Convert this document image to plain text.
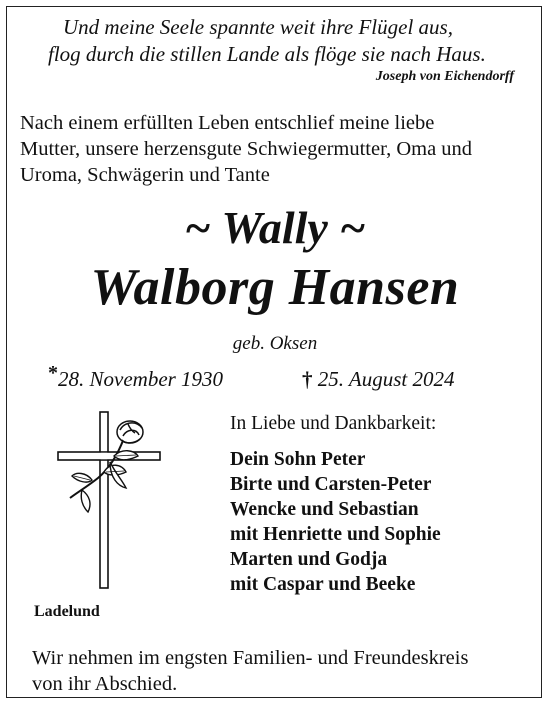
Und meine Seele spannte weit ihre Flügel aus,
flog durch die stillen Lande als flöge sie nach Haus.
Joseph von Eichendorff
Nach einem erfüllten Leben entschlief meine liebe
Mutter, unsere herzensgute Schwiegermutter, Oma und
Uroma, Schwägerin und Tante
~ Wally ~
Walborg Hansen
geb. Oksen
*28. November 1930	† 25. August 2024
Ladelund
In Liebe und Dankbarkeit:
Dein Sohn Peter
Birte und Carsten-Peter
Wencke und Sebastian
mit Henriette und Sophie
Marten und Godja
mit Caspar und Beeke
Wir nehmen im engsten Familien- und Freundeskreis
von ihr Abschied.
